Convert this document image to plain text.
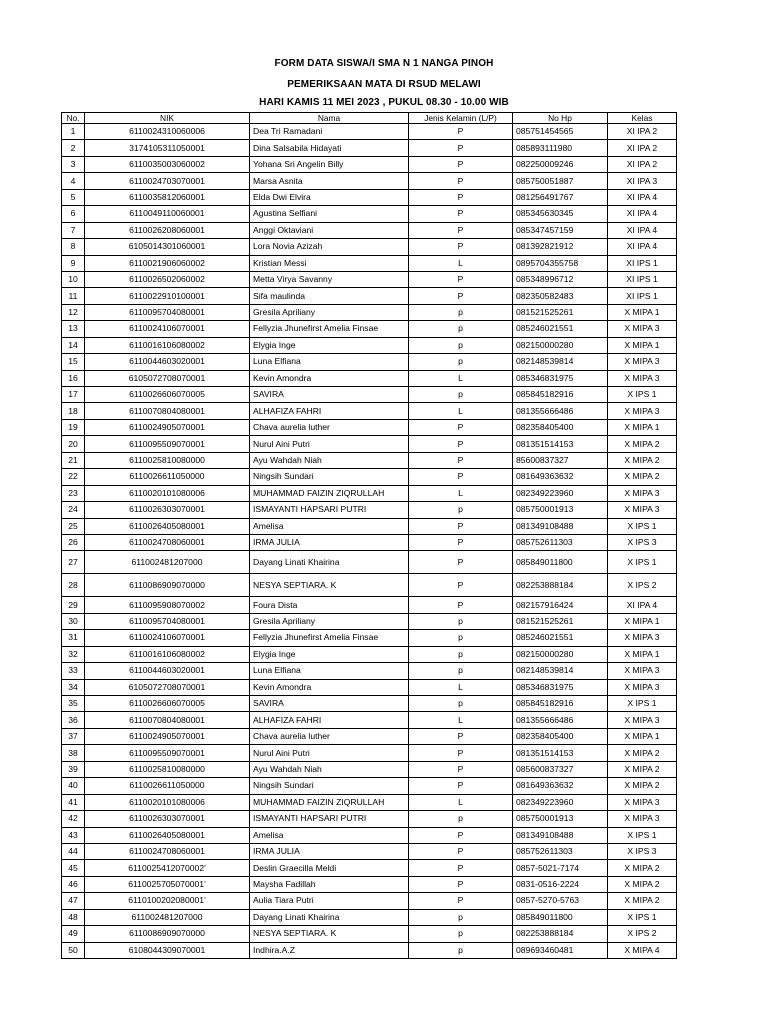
FORM DATA SISWA/I SMA N 1 NANGA PINOH
PEMERIKSAAN MATA DI RSUD MELAWI
HARI KAMIS 11 MEI 2023 , PUKUL 08.30 - 10.00 WIB
No.	NIK	Nama	Jenis Kelamin (L/P)	No Hp	Kelas
1	6110024310060006	Dea Tri Ramadani	P	085751454565	XI IPA 2
2	3174105311050001	Dina Salsabila Hidayati	P	085893111980	XI IPA 2
3	6110035003060002	Yohana Sri Angelin Billy	P	082250009246	XI IPA 2
4	6110024703070001	Marsa Asnita	P	085750051887	XI IPA 3
5	6110035812060001	Elda Dwi Elvira	P	081256491767	XI IPA 4
6	6110049110060001	Agustina Selfiani	P	085345630345	XI IPA 4
7	6110026208060001	Anggi Oktaviani	P	085347457159	XI IPA 4
8	6105014301060001	Lora Novia Azizah	P	081392821912	XI IPA 4
9	6110021906060002	Kristian Messi	L	0895704355758	XI IPS 1
10	6110026502060002	Metta Virya Savanny	P	085348996712	XI IPS 1
11	6110022910100001	Sifa maulinda	P	082350582483	XI IPS 1
12	6110095704080001	Gresila Apriliany	p	081521525261	X MIPA 1
13	6110024106070001	Fellyzia Jhunefirst Amelia Finsae	p	085246021551	X MIPA 3
14	6110016106080002	Elygia Inge	p	082150000280	X MIPA 1
15	6110044603020001	Luna Elfiana	p	082148539814	X MIPA 3
16	6105072708070001	Kevin Amondra	L	085346831975	X MIPA 3
17	6110026606070005	SAVIRA	p	085845182916	X IPS 1
18	6110070804080001	ALHAFIZA FAHRI	L	081355666486	X MIPA 3
19	6110024905070001	Chava aurelia luther	P	082358405400	X MIPA 1
20	6110095509070001	Nurul Aini Putri	P	081351514153	X MIPA 2
21	6110025810080000	Ayu Wahdah Niah	P	85600837327	X MIPA 2
22	6110026611050000	Ningsih Sundari	P	081649363632	X MIPA 2
23	6110020101080006	MUHAMMAD FAIZIN ZIQRULLAH	L	082349223960	X MIPA 3
24	6110026303070001	ISMAYANTI HAPSARI PUTRI	p	085750001913	X MIPA 3
25	6110026405080001	Amelisa	P	081349108488	X IPS 1
26	6110024708060001	IRMA JULIA	P	085752611303	X IPS 3
27	611002481207000	Dayang Linati Khairina	P	085849011800	X IPS 1
28	6110086909070000	NESYA SEPTIARA. K	P	082253888184	X IPS 2
29	6110095908070002	Foura Dista	P	082157916424	XI IPA 4
30	6110095704080001	Gresila Apriliany	p	081521525261	X MIPA 1
31	6110024106070001	Fellyzia Jhunefirst Amelia Finsae	p	085246021551	X MIPA 3
32	6110016106080002	Elygia Inge	p	082150000280	X MIPA 1
33	6110044603020001	Luna Elfiana	p	082148539814	X MIPA 3
34	6105072708070001	Kevin Amondra	L	085346831975	X MIPA 3
35	6110026606070005	SAVIRA	p	085845182916	X IPS 1
36	6110070804080001	ALHAFIZA FAHRI	L	081355666486	X MIPA 3
37	6110024905070001	Chava aurelia luther	P	082358405400	X MIPA 1
38	6110095509070001	Nurul Aini Putri	P	081351514153	X MIPA 2
39	6110025810080000	Ayu Wahdah Niah	P	085600837327	X MIPA 2
40	6110026611050000	Ningsih Sundari	P	081649363632	X MIPA 2
41	6110020101080006	MUHAMMAD FAIZIN ZIQRULLAH	L	082349223960	X MIPA 3
42	6110026303070001	ISMAYANTI HAPSARI PUTRI	p	085750001913	X MIPA 3
43	6110026405080001	Amelisa	P	081349108488	X IPS 1
44	6110024708060001	IRMA JULIA	P	085752611303	X IPS 3
45	6110025412070002'	Deslin Graecilla Meldi	P	0857-5021-7174	X MIPA 2
46	6110025705070001'	Maysha Fadillah	P	0831-0516-2224	X MIPA 2
47	6110100202080001'	Aulia Tiara Putri	P	0857-5270-5763	X MIPA 2
48	611002481207000	Dayang Linati Khairina	p	085849011800	X IPS 1
49	6110086909070000	NESYA SEPTIARA. K	p	082253888184	X IPS 2
50	6108044309070001	Indhira.A.Z	p	089693460481	X MIPA 4
